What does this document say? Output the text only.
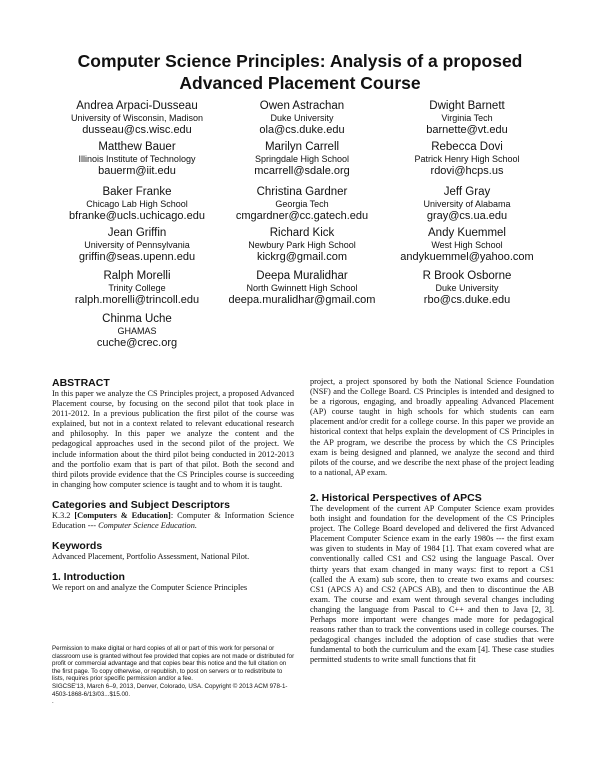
Computer Science Principles: Analysis of a proposed Advanced Placement Course
Andrea Arpaci-Dusseau
University of Wisconsin, Madison
dusseau@cs.wisc.edu
Owen Astrachan
Duke University
ola@cs.duke.edu
Dwight Barnett
Virginia Tech
barnette@vt.edu
Matthew Bauer
Illinois Institute of Technology
bauerm@iit.edu
Marilyn Carrell
Springdale High School
mcarrell@sdale.org
Rebecca Dovi
Patrick Henry High School
rdovi@hcps.us
Baker Franke
Chicago Lab High School
bfranke@ucls.uchicago.edu
Christina Gardner
Georgia Tech
cmgardner@cc.gatech.edu
Jeff Gray
University of Alabama
gray@cs.ua.edu
Jean Griffin
University of Pennsylvania
griffin@seas.upenn.edu
Richard Kick
Newbury Park High School
kickrg@gmail.com
Andy Kuemmel
West High School
andykuemmel@yahoo.com
Ralph Morelli
Trinity College
ralph.morelli@trincoll.edu
Deepa Muralidhar
North Gwinnett High School
deepa.muralidhar@gmail.com
R Brook Osborne
Duke University
rbo@cs.duke.edu
Chinma Uche
GHAMAS
cuche@crec.org

ABSTRACT

In this paper we analyze the CS Principles project, a proposed Advanced Placement course, by focusing on the second pilot that took place in 2011-2012. In a previous publication the first pilot of the course was explained, but not in a context related to relevant educational research and philosophy. In this paper we analyze the content and the pedagogical approaches used in the second pilot of the project. We include information about the third pilot being conducted in 2012-2013 and the portfolio exam that is part of that pilot. Both the second and third pilots provide evidence that the CS Principles course is succeeding in changing how computer science is taught and to whom it is taught.

Categories and Subject Descriptors

K.3.2 [Computers & Education]: Computer & Information Science Education --- Computer Science Education.

Keywords

Advanced Placement, Portfolio Assessment, National Pilot.

1. Introduction

We report on and analyze the Computer Science Principles

Permission to make digital or hard copies of all or part of this work for personal or classroom use is granted without fee provided that copies are not made or distributed for profit or commercial advantage and that copies bear this notice and the full citation on the first page. To copy otherwise, or republish, to post on servers or to redistribute to lists, requires prior specific permission and/or a fee.

SIGCSE'13, March 6–9, 2013, Denver, Colorado, USA. Copyright © 2013 ACM 978-1-4503-1868-6/13/03...$15.00.

.

project, a project sponsored by both the National Science Foundation (NSF) and the College Board. CS Principles is intended and designed to be a rigorous, engaging, and broadly appealing Advanced Placement (AP) course taught in high schools for which students can earn placement and/or credit for a college course. In this paper we provide an historical context that helps explain the development of CS Principles in the AP program, we describe the process by which the CS Principles exam is being designed and planned, we analyze the second and third pilots of the course, and we describe the next phase of the project leading to a national, AP exam.

2. Historical Perspectives of APCS

The development of the current AP Computer Science exam provides both insight and foundation for the development of the CS Principles project. The College Board developed and delivered the first Advanced Placement Computer Science exam in the early 1980s --- the first exam was given to students in May of 1984 [1]. That exam covered what are conventionally called CS1 and CS2 using the language Pascal. Over thirty years that exam changed in many ways: first to report a CS1 (called the A exam) sub score, then to create two exams and courses: CS1 (APCS A) and CS2 (APCS AB), and then to discontinue the AB exam. The course and exam went through several changes including changing the language from Pascal to C++ and then to Java [2, 3]. Perhaps more important were changes made more for pedagogical reasons rather than to track the conventions used in college courses. The pedagogical changes included the adoption of case studies that were fundamental to both the curriculum and the exam [4]. These case studies permitted students to write small functions that fit
